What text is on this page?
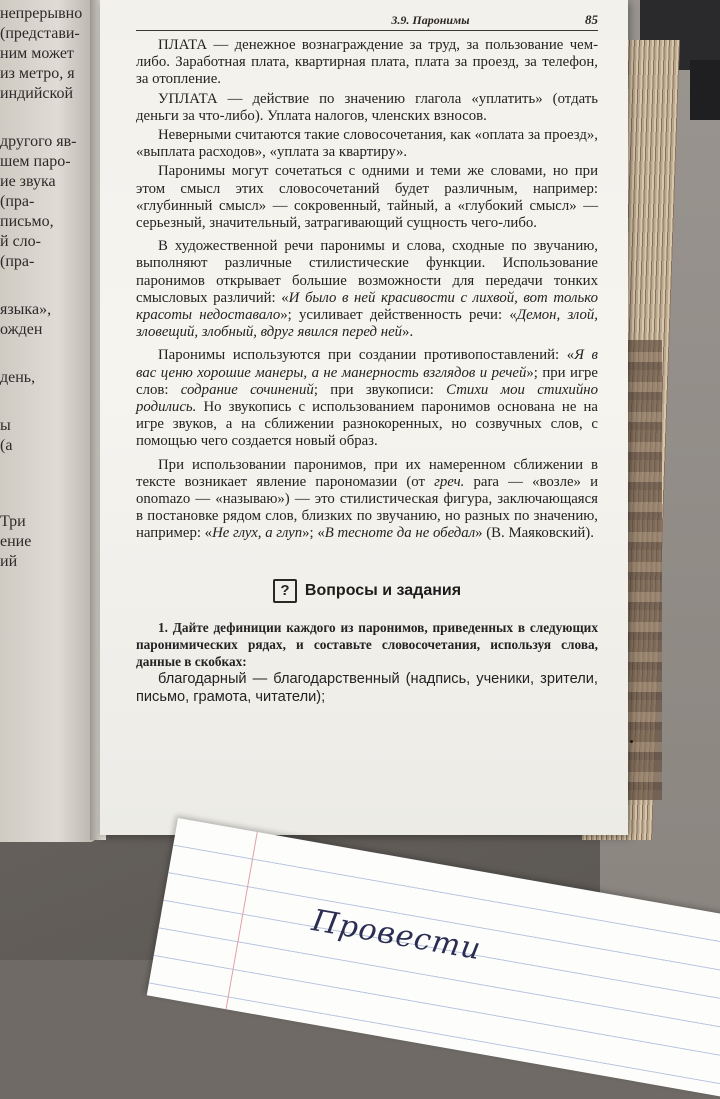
непрерывно
(представи-
ним может
из метро, я
индийской
другого яв-
шем паро-
ие звука
(пра-
письмо,
й сло-
(пра-
языка»,
ожден
день,
ы
(а
Три
ение
ий
3.9. Паронимы	85

ПЛАТА — денежное вознаграждение за труд, за пользование чем-либо. Заработная плата, квартирная плата, плата за проезд, за телефон, за отопление.

УПЛАТА — действие по значению глагола «уплатить» (отдать деньги за что-либо). Уплата налогов, членских взносов.

Неверными считаются такие словосочетания, как «оплата за проезд», «выплата расходов», «уплата за квартиру».

Паронимы могут сочетаться с одними и теми же словами, но при этом смысл этих словосочетаний будет различным, например: «глубинный смысл» — сокровенный, тайный, а «глубокий смысл» — серьезный, значительный, затрагивающий сущность чего-либо.

В художественной речи паронимы и слова, сходные по звучанию, выполняют различные стилистические функции. Использование паронимов открывает большие возможности для передачи тонких смысловых различий: «И было в ней красивости с лихвой, вот только красоты недоставало»; усиливает действенность речи: «Демон, злой, зловещий, злобный, вдруг явился перед ней».

Паронимы используются при создании противопоставлений: «Я в вас ценю хорошие манеры, а не манерность взглядов и речей»; при игре слов: содрание сочинений; при звукописи: Стихи мои стихийно родились. Но звукопись с использованием паронимов основана не на игре звуков, а на сближении разнокоренных, но созвучных слов, с помощью чего создается новый образ.

При использовании паронимов, при их намеренном сближении в тексте возникает явление парономазии (от греч. para — «возле» и onomazo — «называю») — это стилистическая фигура, заключающаяся в постановке рядом слов, близких по звучанию, но разных по значению, например: «Не глух, а глуп»; «В тесноте да не обедал» (В. Маяковский).

? Вопросы и задания

1. Дайте дефиниции каждого из паронимов, приведенных в следующих паронимических рядах, и составьте словосочетания, используя слова, данные в скобках:

благодарный — благодарственный (надпись, ученики, зрители, письмо, грамота, читатели);

Провести
